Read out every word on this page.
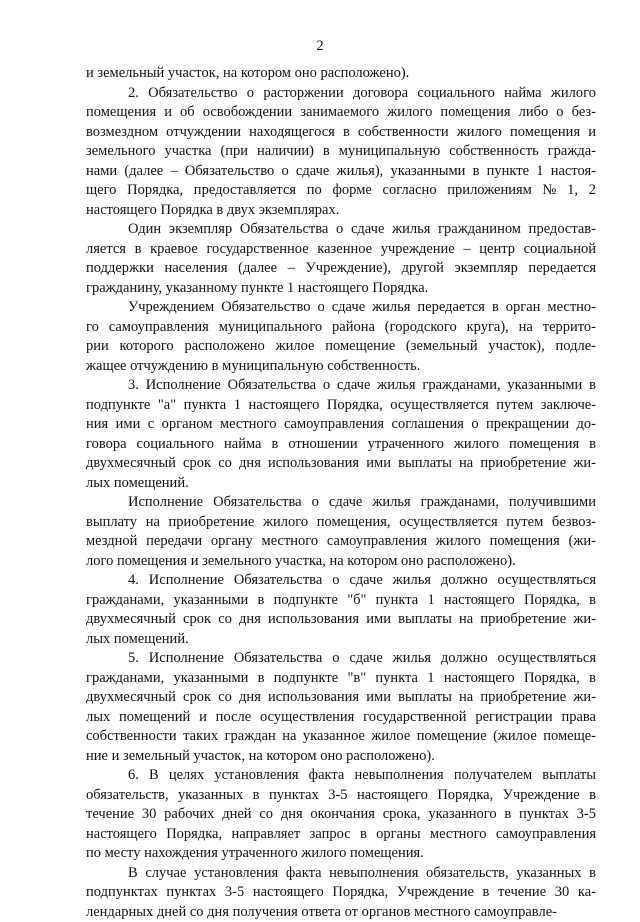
2

и земельный участок, на котором оно расположено).

2. Обязательство о расторжении договора социального найма жилого
помещения и об освобождении занимаемого жилого помещения либо о без-
возмездном отчуждении находящегося в собственности жилого помещения и
земельного участка (при наличии) в муниципальную собственность гражда-
нами (далее – Обязательство о сдаче жилья), указанными в пункте 1 настоя-
щего Порядка, предоставляется по форме согласно приложениям № 1, 2
настоящего Порядка в двух экземплярах.

Один экземпляр Обязательства о сдаче жилья гражданином предостав-
ляется в краевое государственное казенное учреждение – центр социальной
поддержки населения (далее – Учреждение), другой экземпляр передается
гражданину, указанному пункте 1 настоящего Порядка.

Учреждением Обязательство о сдаче жилья передается в орган местно-
го самоуправления муниципального района (городского круга), на террито-
рии которого расположено жилое помещение (земельный участок), подле-
жащее отчуждению в муниципальную собственность.

3. Исполнение Обязательства о сдаче жилья гражданами, указанными в
подпункте "а" пункта 1 настоящего Порядка, осуществляется путем заключе-
ния ими с органом местного самоуправления соглашения о прекращении до-
говора социального найма в отношении утраченного жилого помещения в
двухмесячный срок со дня использования ими выплаты на приобретение жи-
лых помещений.

Исполнение Обязательства о сдаче жилья гражданами, получившими
выплату на приобретение жилого помещения, осуществляется путем безвоз-
мездной передачи органу местного самоуправления жилого помещения (жи-
лого помещения и земельного участка, на котором оно расположено).

4. Исполнение Обязательства о сдаче жилья должно осуществляться
гражданами, указанными в подпункте "б" пункта 1 настоящего Порядка, в
двухмесячный срок со дня использования ими выплаты на приобретение жи-
лых помещений.

5. Исполнение Обязательства о сдаче жилья должно осуществляться
гражданами, указанными в подпункте "в" пункта 1 настоящего Порядка, в
двухмесячный срок со дня использования ими выплаты на приобретение жи-
лых помещений и после осуществления государственной регистрации права
собственности таких граждан на указанное жилое помещение (жилое помеще-
ние и земельный участок, на котором оно расположено).

6. В целях установления факта невыполнения получателем выплаты
обязательств, указанных в пунктах 3-5 настоящего Порядка, Учреждение в
течение 30 рабочих дней со дня окончания срока, указанного в пунктах 3-5
настоящего Порядка, направляет запрос в органы местного самоуправления
по месту нахождения утраченного жилого помещения.

В случае установления факта невыполнения обязательств, указанных в
подпунктах пунктах 3-5 настоящего Порядка, Учреждение в течение 30 ка-
лендарных дней со дня получения ответа от органов местного самоуправле-
